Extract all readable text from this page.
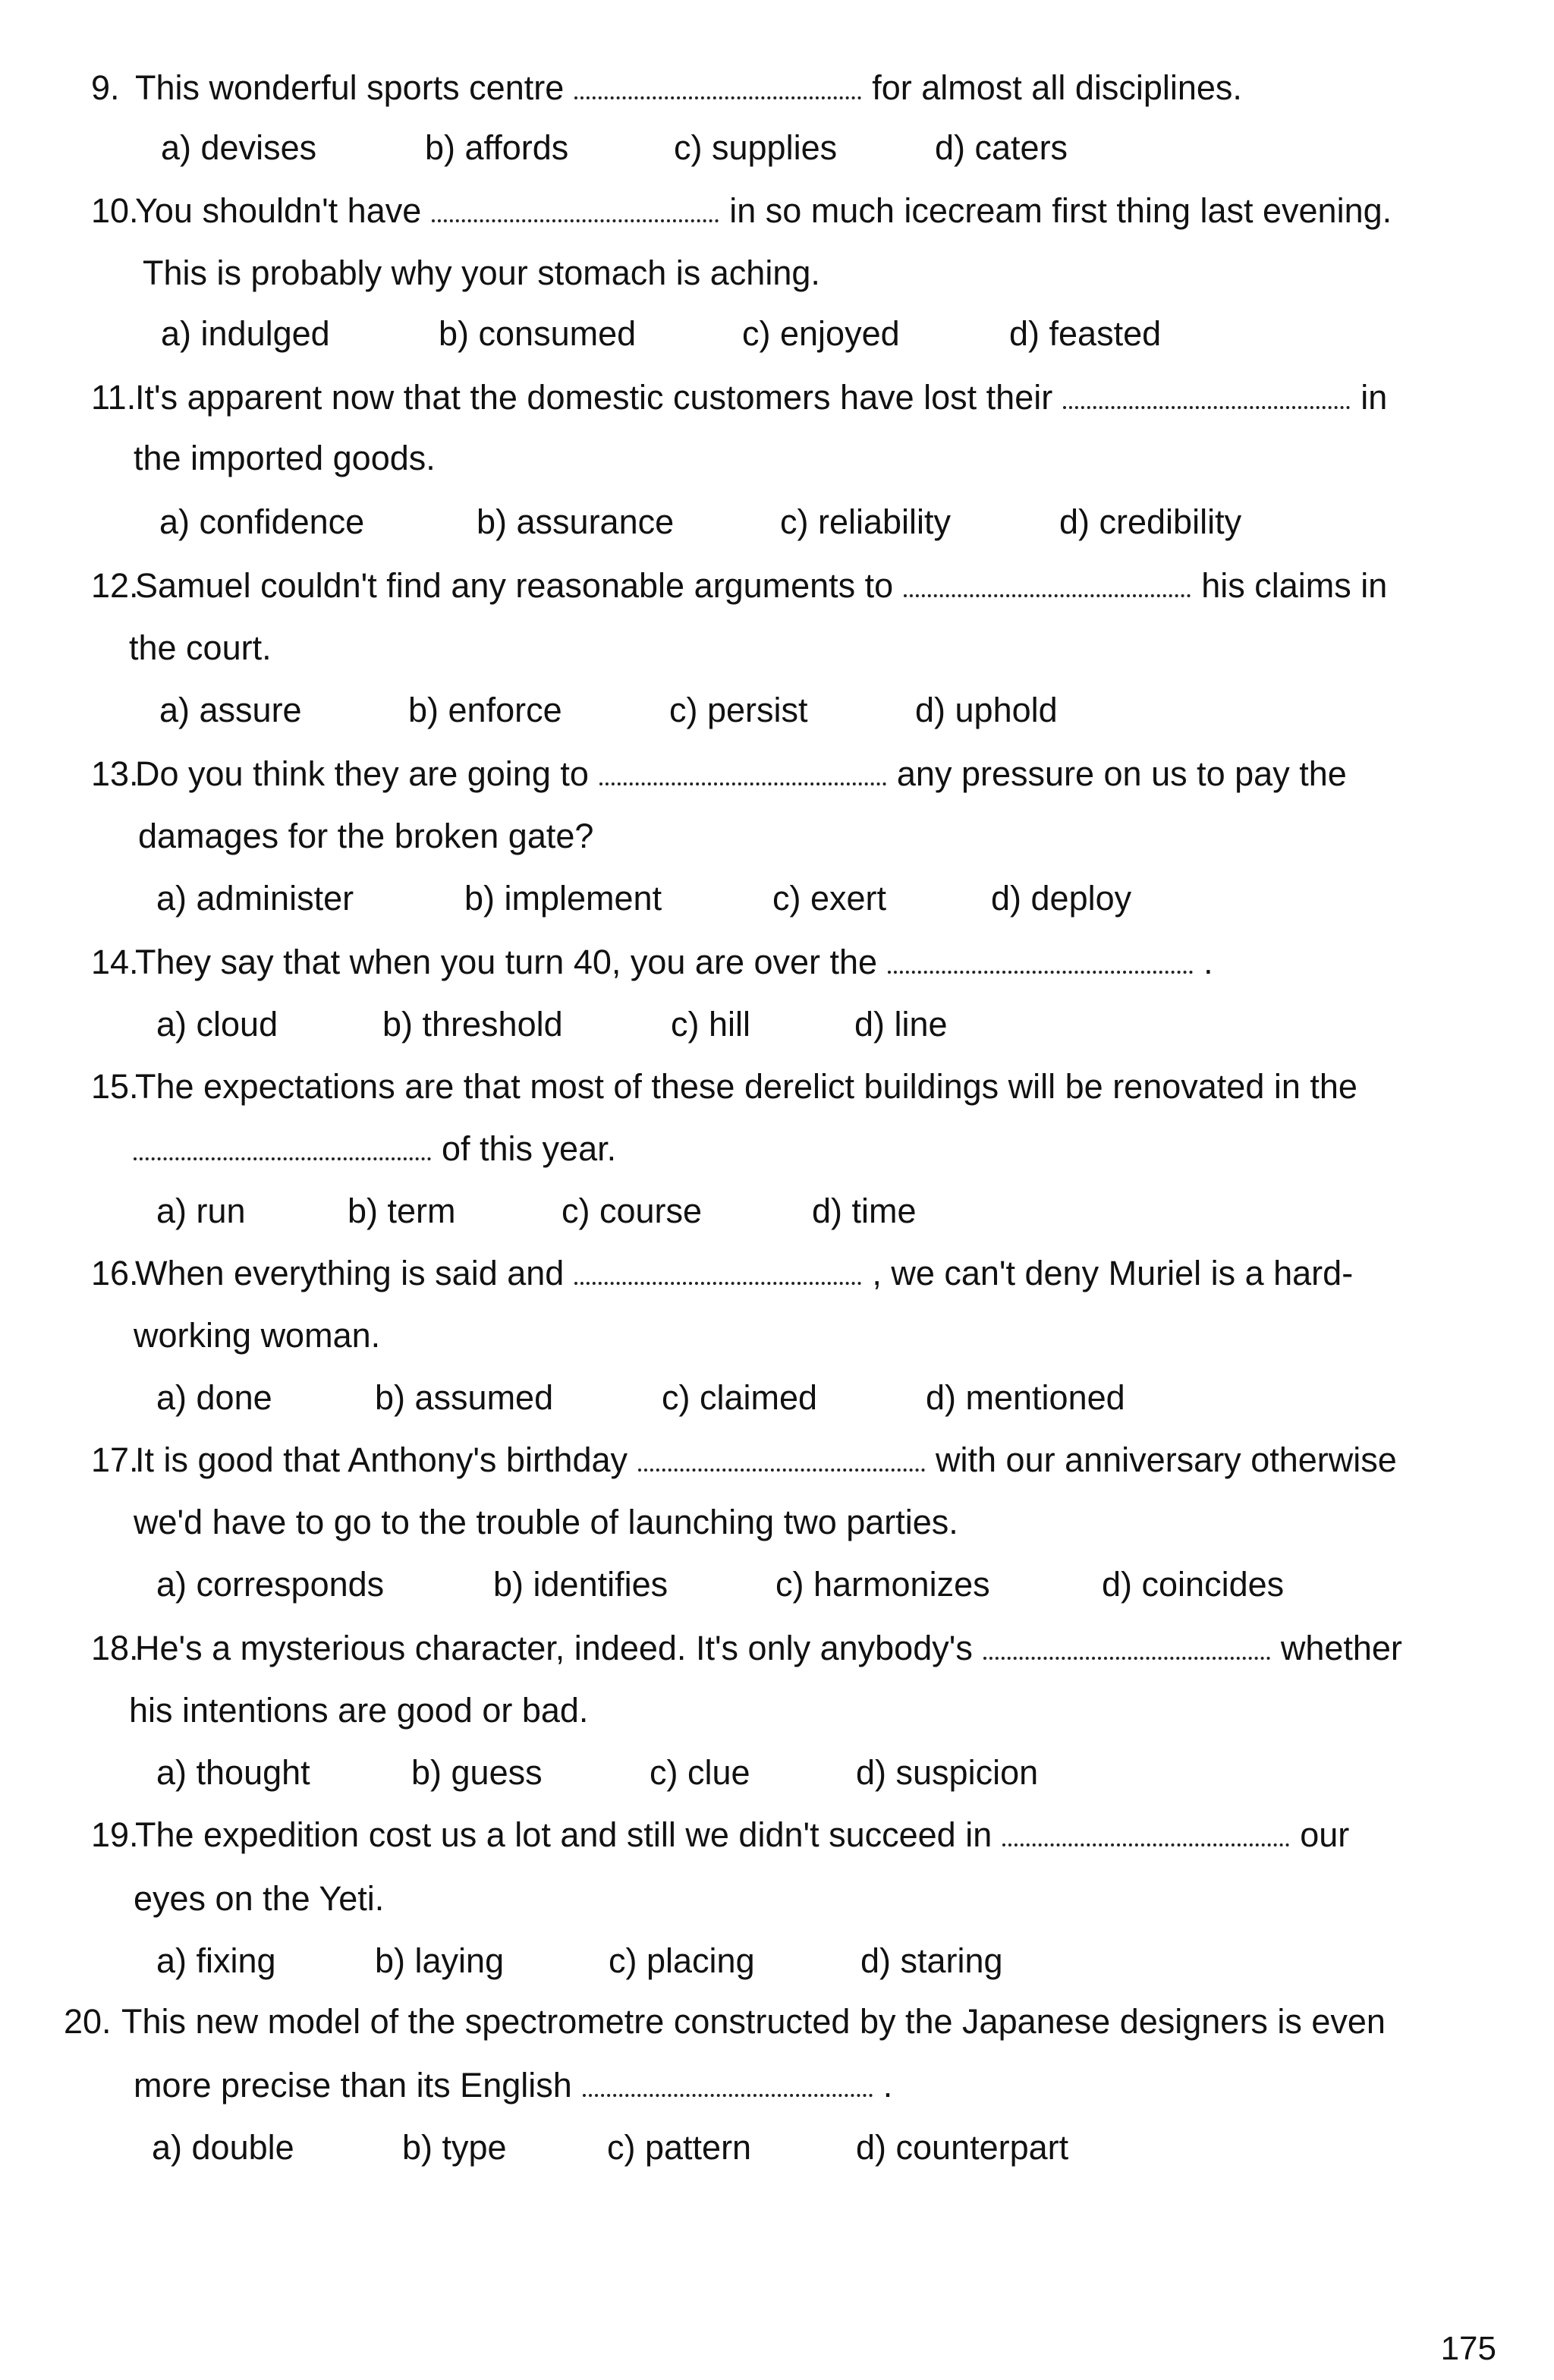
9. This wonderful sports centre	for almost all disciplines.
a) devises	b) affords	c) supplies	d) caters
10.
You shouldn't have	in so much icecream first thing last evening.
This is probably why your stomach is aching.
a) indulged	b) consumed	c) enjoyed	d) feasted
11.
It's apparent now that the domestic customers have lost their	in
the imported goods.
a) confidence	b) assurance	c) reliability	d) credibility
12.
Samuel couldn't find any reasonable arguments to	his claims in
the court.
a) assure	b) enforce	c) persist	d) uphold
13.
Do you think they are going to	any pressure on us to pay the
damages for the broken gate?
a) administer	b) implement	c) exert	d) deploy
14.
They say that when you turn 40, you are over the	.
a) cloud	b) threshold	c) hill	d) line
15.
The expectations are that most of these derelict buildings will be renovated in the
of this year.
a) run	b) term	c) course	d) time
16.
When everything is said and	, we can't deny Muriel is a hard-
working woman.
a) done	b) assumed	c) claimed	d) mentioned
17.
It is good that Anthony's birthday	with our anniversary otherwise
we'd have to go to the trouble of launching two parties.
a) corresponds	b) identifies	c) harmonizes	d) coincides
18.
He's a mysterious character, indeed. It's only anybody's	whether
his intentions are good or bad.
a) thought	b) guess	c) clue	d) suspicion
19.
The expedition cost us a lot and still we didn't succeed in	our
eyes on the Yeti.
a) fixing	b) laying	c) placing	d) staring
20. This new model of the spectrometre constructed by the Japanese designers is even
more precise than its English	.
a) double	b) type	c) pattern	d) counterpart
175
